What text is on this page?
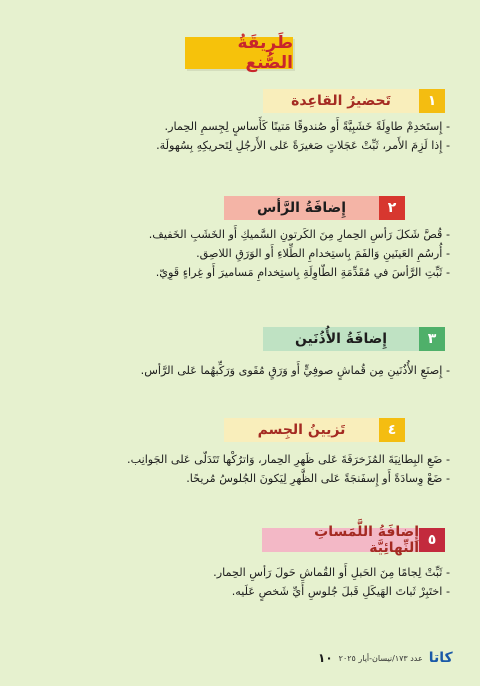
طَرِيقَةُ الصُّنع
١
تَحضيرُ القاعِدة
- إِستَخدِمْ طاوِلَةً خَشَبِيَّةً أَو صُندوقًا مَتينًا كَأَساسٍ لِجِسمِ الحِمار.
- إِذا لَزِمَ الأَمر، ثَبِّتْ عَجَلاتٍ صَغيرَةً عَلى الأَرجُلِ لِتَحريكِهِ بِسُهولَة.
٢
إِضافَةُ الرَّأس
- قُصَّ شَكلَ رَأسِ الحِمارِ مِنَ الكَرتونِ السَّميكِ أَو الخَشَبِ الخَفيف.
- أُرسُمِ العَينَينِ وَالفَمَ بِاستِخدامِ الطِّلاءِ أَو الوَرَقِ اللاصِق.
- ثَبِّتِ الرَّأسَ في مُقَدِّمَةِ الطّاوِلَةِ بِاستِخدامِ مَساميرَ أَو غِراءٍ قَوِيّ.
٣
إِضافَةُ الأُذُنَين
- إِصنَعِ الأُذُنَينِ مِن قُماشٍ صوفِيٍّ أَو وَرَقٍ مُقَوى وَرَكِّبهُما عَلى الرَّأس.
٤
تَزيينُ الجِسم
- ضَعِ البِطانِيَةَ المُزَخرَفَةَ عَلى ظَهرِ الحِمار، وَاترُكْها تَتَدَلّى عَلى الجَوانِب.
- ضَعْ وِسادَةً أَو إِسفَنجَةً عَلى الظَّهرِ لِيَكونَ الجُلوسُ مُريحًا.
٥
إِضافَةُ اللَّمَساتِ النِّهائِيَّة
- ثَبِّتْ لِجامًا مِنَ الحَبلِ أَو القُماشِ حَولَ رَأسِ الحِمار.
- اختَبِرْ ثَباتَ الهَيكَلِ قَبلَ جُلوسِ أَيِّ شَخصٍ عَلَيه.
١٠ عدد ١٧٣/نيسان-أيار ٢٠٢٥ كاتا
